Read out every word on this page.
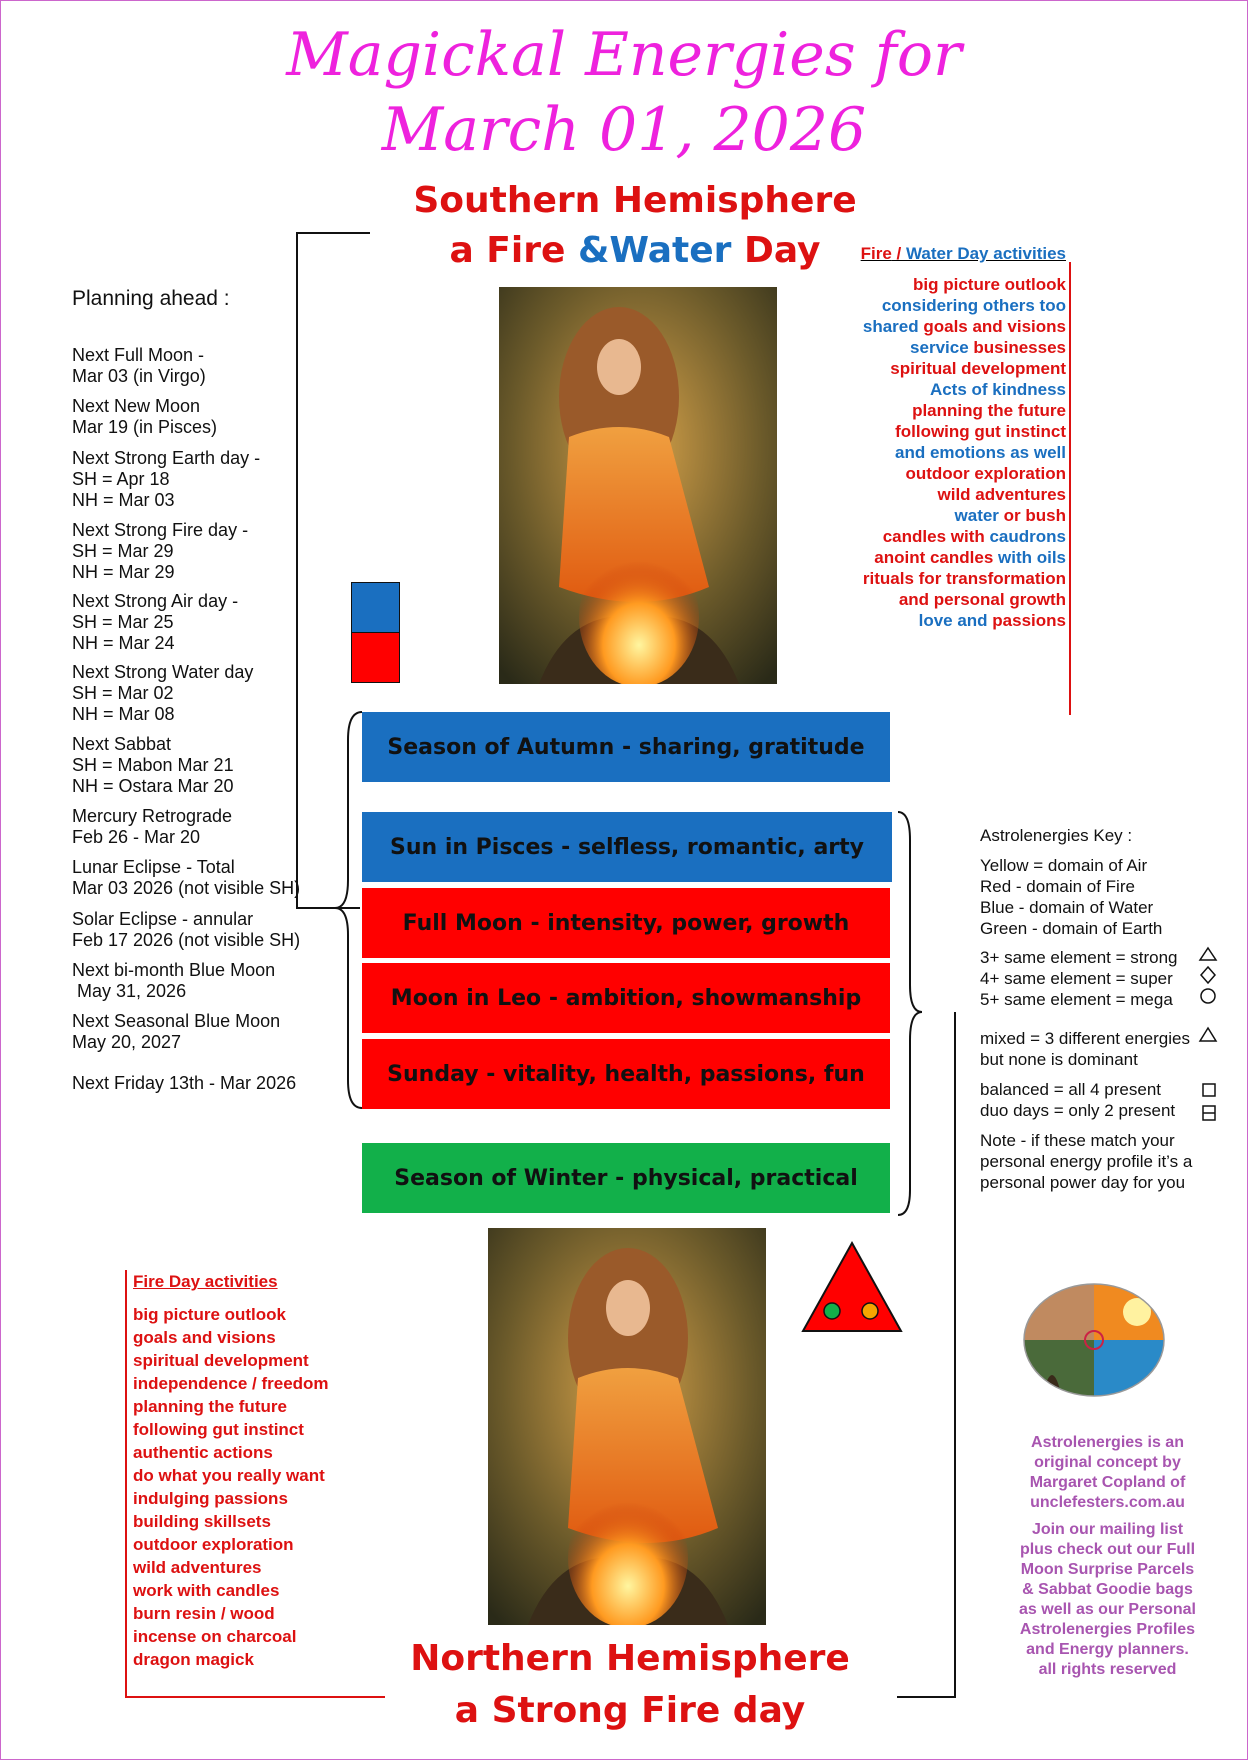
Magickal Energies for
March 01, 2026
Southern Hemisphere
a Fire &Water Day
Planning ahead :
Next Full Moon -
Mar 03 (in Virgo)
Next New Moon
Mar 19 (in Pisces)
Next Strong Earth day -
SH = Apr 18
NH = Mar 03
Next Strong Fire day -
SH = Mar 29
NH = Mar 29
Next Strong Air day -
SH = Mar 25
NH = Mar 24
Next Strong Water day
SH = Mar 02
NH = Mar 08
Next Sabbat
SH = Mabon Mar 21
NH = Ostara Mar 20
Mercury Retrograde
Feb 26 - Mar 20
Lunar Eclipse - Total
Mar 03 2026 (not visible SH)
Solar Eclipse - annular
Feb 17 2026 (not visible SH)
Next bi-month Blue Moon
May 31, 2026
Next Seasonal Blue Moon
May 20, 2027
Next Friday 13th - Mar 2026
Season of Autumn - sharing, gratitude
Sun in Pisces - selfless, romantic, arty
Full Moon - intensity, power, growth
Moon in Leo - ambition, showmanship
Sunday - vitality, health, passions, fun
Season of Winter - physical, practical
Fire / Water Day activities
big picture outlook
considering others too
shared goals and visions
service businesses
spiritual development
Acts of kindness
planning the future
following gut instinct
and emotions as well
outdoor exploration
wild adventures
water or bush
candles with caudrons
anoint candles with oils
rituals for transformation
and personal growth
love and passions
Fire Day activities
big picture outlook
goals and visions
spiritual development
independence / freedom
planning the future
following gut instinct
authentic actions
do what you really want
indulging passions
building skillsets
outdoor exploration
wild adventures
work with candles
burn resin / wood
incense on charcoal
dragon magick
Astrolenergies Key :
Yellow = domain of Air
Red - domain of Fire
Blue - domain of Water
Green - domain of Earth
3+ same element = strong
4+ same element = super
5+ same element = mega
mixed = 3 different energies
but none is dominant
balanced = all 4 present
duo days = only 2 present
Note - if these match your
personal energy profile it’s a
personal power day for you
Astrolenergies is an
original concept by
Margaret Copland of
unclefesters.com.au
Join our mailing list
plus check out our Full
Moon Surprise Parcels
& Sabbat Goodie bags
as well as our Personal
Astrolenergies Profiles
and Energy planners.
all rights reserved
Northern Hemisphere
a Strong Fire day
